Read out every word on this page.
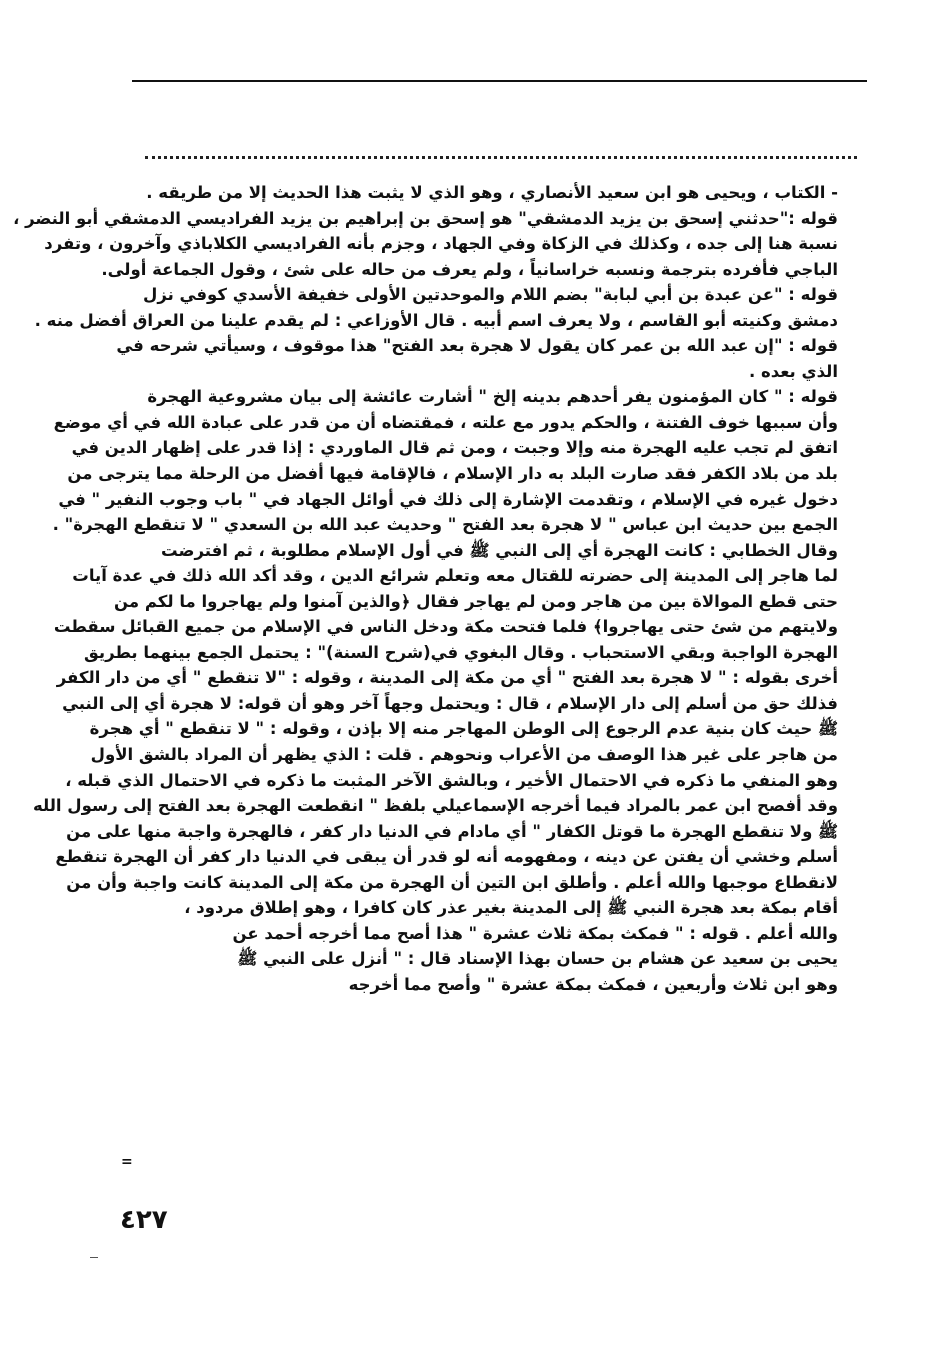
- الكتاب ، ويحيى هو ابن سعيد الأنصاري ، وهو الذي لا يثبت هذا الحديث إلا من طريقه .
قوله :"حدثني إسحق بن يزيد الدمشقي" هو إسحق بن إبراهيم بن يزيد الفراديسي الدمشقي أبو النضر ،
نسبة هنا إلى جده ، وكذلك في الزكاة وفي الجهاد ، وجزم بأنه الفراديسي الكلاباذي وآخرون ، وتفرد
الباجي فأفرده بترجمة ونسبه خراسانياً ، ولم يعرف من حاله على شئ ، وقول الجماعة أولى.
قوله : "عن عبدة بن أبي لبابة" بضم اللام والموحدتين الأولى خفيفة الأسدي كوفي نزل
دمشق وكنيته أبو القاسم ، ولا يعرف اسم أبيه . قال الأوزاعي : لم يقدم علينا من العراق أفضل منه .
قوله : "إن عبد الله بن عمر كان يقول لا هجرة بعد الفتح" هذا موقوف ، وسيأتي شرحه في
الذي بعده .
قوله : " كان المؤمنون يفر أحدهم بدينه إلخ " أشارت عائشة إلى بيان مشروعية الهجرة
وأن سببها خوف الفتنة ، والحكم يدور مع علته ، فمقتضاه أن من قدر على عبادة الله في أي موضع
اتفق لم تجب عليه الهجرة منه وإلا وجبت ، ومن ثم قال الماوردي : إذا قدر على إظهار الدين في
بلد من بلاد الكفر فقد صارت البلد به دار الإسلام ، فالإقامة فيها أفضل من الرحلة مما يترجى من
دخول غيره في الإسلام ، وتقدمت الإشارة إلى ذلك في أوائل الجهاد في " باب وجوب النفير " في
الجمع بين حديث ابن عباس " لا هجرة بعد الفتح " وحديث عبد الله بن السعدي " لا تنقطع الهجرة" .
وقال الخطابي : كانت الهجرة أي إلى النبي ﷺ في أول الإسلام مطلوبة ، ثم افترضت
لما هاجر إلى المدينة إلى حضرته للقتال معه وتعلم شرائع الدين ، وقد أكد الله ذلك في عدة آيات
حتى قطع الموالاة بين من هاجر ومن لم يهاجر فقال ﴿والذين آمنوا ولم يهاجروا ما لكم من
ولايتهم من شئ حتى يهاجروا﴾ فلما فتحت مكة ودخل الناس في الإسلام من جميع القبائل سقطت
الهجرة الواجبة وبقي الاستحباب . وقال البغوي في(شرح السنة)" : يحتمل الجمع بينهما بطريق
أخرى بقوله : " لا هجرة بعد الفتح " أي من مكة إلى المدينة ، وقوله : "لا تنقطع " أي من دار الكفر
فذلك حق من أسلم إلى دار الإسلام ، قال : ويحتمل وجهاً آخر وهو أن قوله: لا هجرة أي إلى النبي
ﷺ حيث كان بنية عدم الرجوع إلى الوطن المهاجر منه إلا بإذن ، وقوله : " لا تنقطع " أي هجرة
من هاجر على غير هذا الوصف من الأعراب ونحوهم . قلت : الذي يظهر أن المراد بالشق الأول
وهو المنفي ما ذكره في الاحتمال الأخير ، وبالشق الآخر المثبت ما ذكره في الاحتمال الذي قبله ،
وقد أفصح ابن عمر بالمراد فيما أخرجه الإسماعيلي بلفظ " انقطعت الهجرة بعد الفتح إلى رسول الله
ﷺ ولا تنقطع الهجرة ما قوتل الكفار " أي مادام في الدنيا دار كفر ، فالهجرة واجبة منها على من
أسلم وخشي أن يفتن عن دينه ، ومفهومه أنه لو قدر أن يبقى في الدنيا دار كفر أن الهجرة تنقطع
لانقطاع موجبها والله أعلم . وأطلق ابن التين أن الهجرة من مكة إلى المدينة كانت واجبة وأن من
أقام بمكة بعد هجرة النبي ﷺ إلى المدينة بغير عذر كان كافرا ، وهو إطلاق مردود ،
والله أعلم . قوله : " فمكث بمكة ثلاث عشرة " هذا أصح مما أخرجه أحمد عن
يحيى بن سعيد عن هشام بن حسان بهذا الإسناد قال : " أنزل على النبي ﷺ
وهو ابن ثلاث وأربعين ، فمكث بمكة عشرة " وأصح مما أخرجه
=
٤٢٧
